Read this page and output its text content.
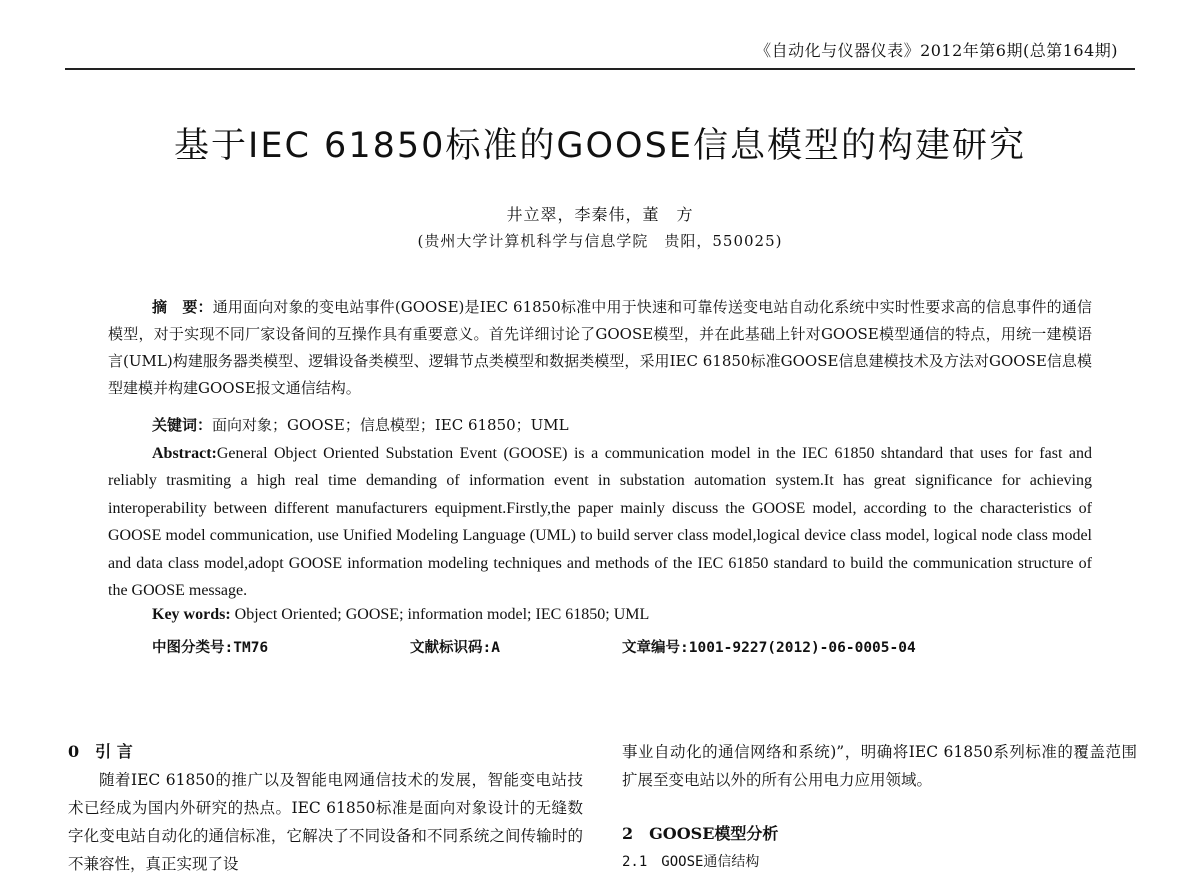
《自动化与仪器仪表》2012年第6期(总第164期)
基于IEC 61850标准的GOOSE信息模型的构建研究
井立翠，李秦伟，董　方
(贵州大学计算机科学与信息学院　贵阳，550025)

摘　要：通用面向对象的变电站事件(GOOSE)是IEC 61850标准中用于快速和可靠传送变电站自动化系统中实时性要求高的信息事件的通信模型，对于实现不同厂家设备间的互操作具有重要意义。首先详细讨论了GOOSE模型，并在此基础上针对GOOSE模型通信的特点，用统一建模语言(UML)构建服务器类模型、逻辑设备类模型、逻辑节点类模型和数据类模型，采用IEC 61850标准GOOSE信息建模技术及方法对GOOSE信息模型建模并构建GOOSE报文通信结构。

关键词：面向对象；GOOSE；信息模型；IEC 61850；UML

Abstract:General Object Oriented Substation Event (GOOSE) is a communication model in the IEC 61850 shtandard that uses for fast and reliably trasmiting a high real time demanding of information event in substation automation system.It has great significance for achieving interoperability between different manufacturers equipment.Firstly,the paper mainly discuss the GOOSE model, according to the characteristics of GOOSE model communication, use Unified Modeling Language (UML) to build server class model,logical device class model, logical node class model and data class model,adopt GOOSE information modeling techniques and methods of the IEC 61850 standard to build the communication structure of the GOOSE message.

Key words: Object Oriented; GOOSE; information model; IEC 61850; UML
中图分类号:TM76	文献标识码:A	文章编号:1001-9227(2012)-06-0005-04

0　引 言

随着IEC 61850的推广以及智能电网通信技术的发展，智能变电站技术已经成为国内外研究的热点。IEC 61850标准是面向对象设计的无缝数字化变电站自动化的通信标准，它解决了不同设备和不同系统之间传输时的不兼容性，真正实现了设

事业自动化的通信网络和系统)”，明确将IEC 61850系列标准的覆盖范围扩展至变电站以外的所有公用电力应用领域。

2　GOOSE模型分析

2.1　GOOSE通信结构
